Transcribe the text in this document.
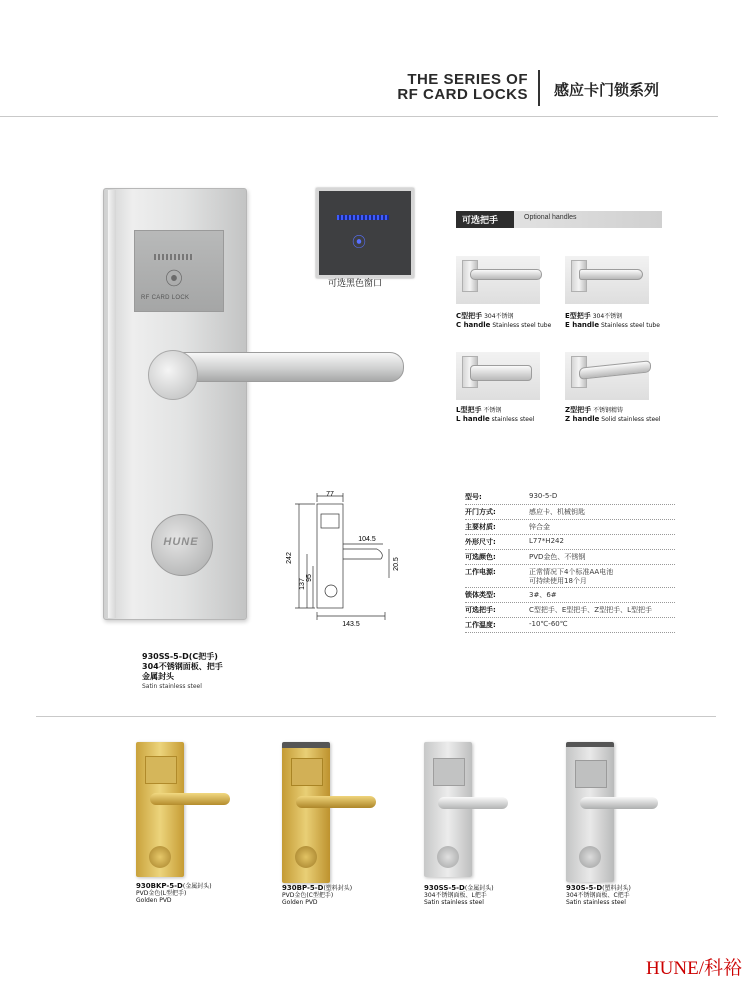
THE SERIES OF
RF CARD LOCKS 感应卡门锁系列
⦿
RF CARD LOCK
HUNE
930SS-5-D(C把手)
304不锈钢面板、把手
金属封头
Satin stainless steel
⦿
可选黑色窗口
可选把手	Optional handles
C型把手 304不锈钢
C handle Stainless steel tube
E型把手 304不锈钢
E handle Stainless steel tube
L型把手 不锈钢
L handle stainless steel
Z型把手 不锈钢精铸
Z handle Solid stainless steel
77
242
137
95
104.5
20.5
143.5
型号:	930-5-D
开门方式:	感应卡、机械钥匙
主要材质:	锌合金
外形尺寸:	L77*H242
可选颜色:	PVD金色、不锈钢
工作电源:	正常情况下4个标准AA电池
可持续使用18个月
锁体类型:	3#、6#
可选把手:	C型把手、E型把手、Z型把手、L型把手
工作温度:	-10℃-60℃
930BKP-5-D(金属封头)
PVD金色(L型把手)
Golden PVD
930BP-5-D(塑料封头)
PVD金色(C型把手)
Golden PVD
930SS-5-D(金属封头)
304不锈钢面板、L把手
Satin stainless steel
930S-5-D(塑料封头)
304不锈钢面板、C把手
Satin stainless steel
HUNE/科裕
